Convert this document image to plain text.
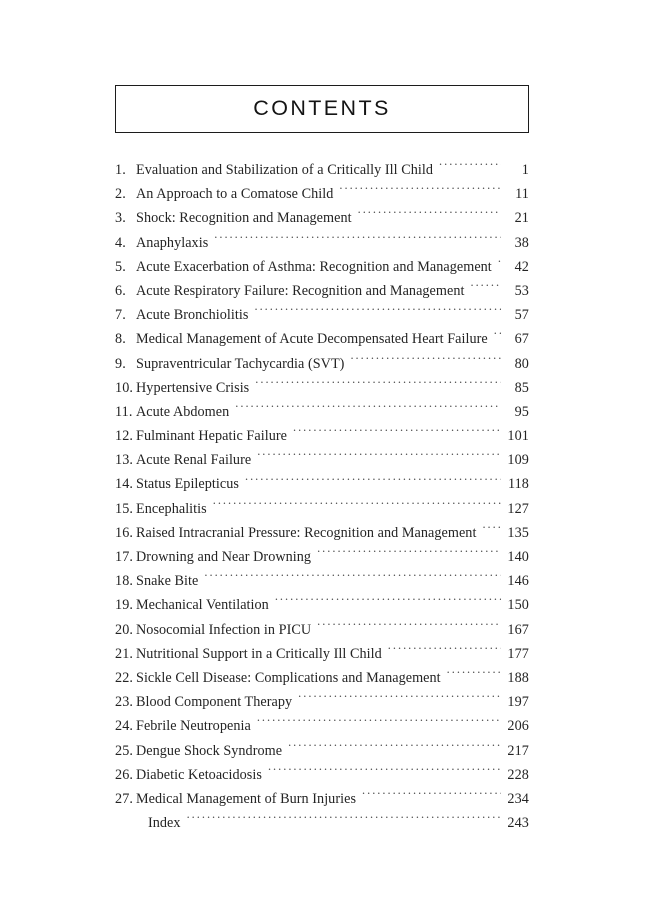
CONTENTS
1. Evaluation and Stabilization of a Critically Ill Child . . .	1
2. An Approach to a Comatose Child . . .	11
3. Shock: Recognition and Management . . .	21
4. Anaphylaxis . . .	38
5. Acute Exacerbation of Asthma: Recognition and Management . . .	42
6. Acute Respiratory Failure: Recognition and Management . . .	53
7. Acute Bronchiolitis . . .	57
8. Medical Management of Acute Decompensated Heart Failure . . .	67
9. Supraventricular Tachycardia (SVT) . . .	80
10. Hypertensive Crisis . . .	85
11. Acute Abdomen . . .	95
12. Fulminant Hepatic Failure . . .	101
13. Acute Renal Failure . . .	109
14. Status Epilepticus . . .	118
15. Encephalitis . . .	127
16. Raised Intracranial Pressure: Recognition and Management . . .	135
17. Drowning and Near Drowning . . .	140
18. Snake Bite . . .	146
19. Mechanical Ventilation . . .	150
20. Nosocomial Infection in PICU . . .	167
21. Nutritional Support in a Critically Ill Child . . .	177
22. Sickle Cell Disease: Complications and Management . . .	188
23. Blood Component Therapy . . .	197
24. Febrile Neutropenia . . .	206
25. Dengue Shock Syndrome . . .	217
26. Diabetic Ketoacidosis . . .	228
27. Medical Management of Burn Injuries . . .	234
Index . . .	243
